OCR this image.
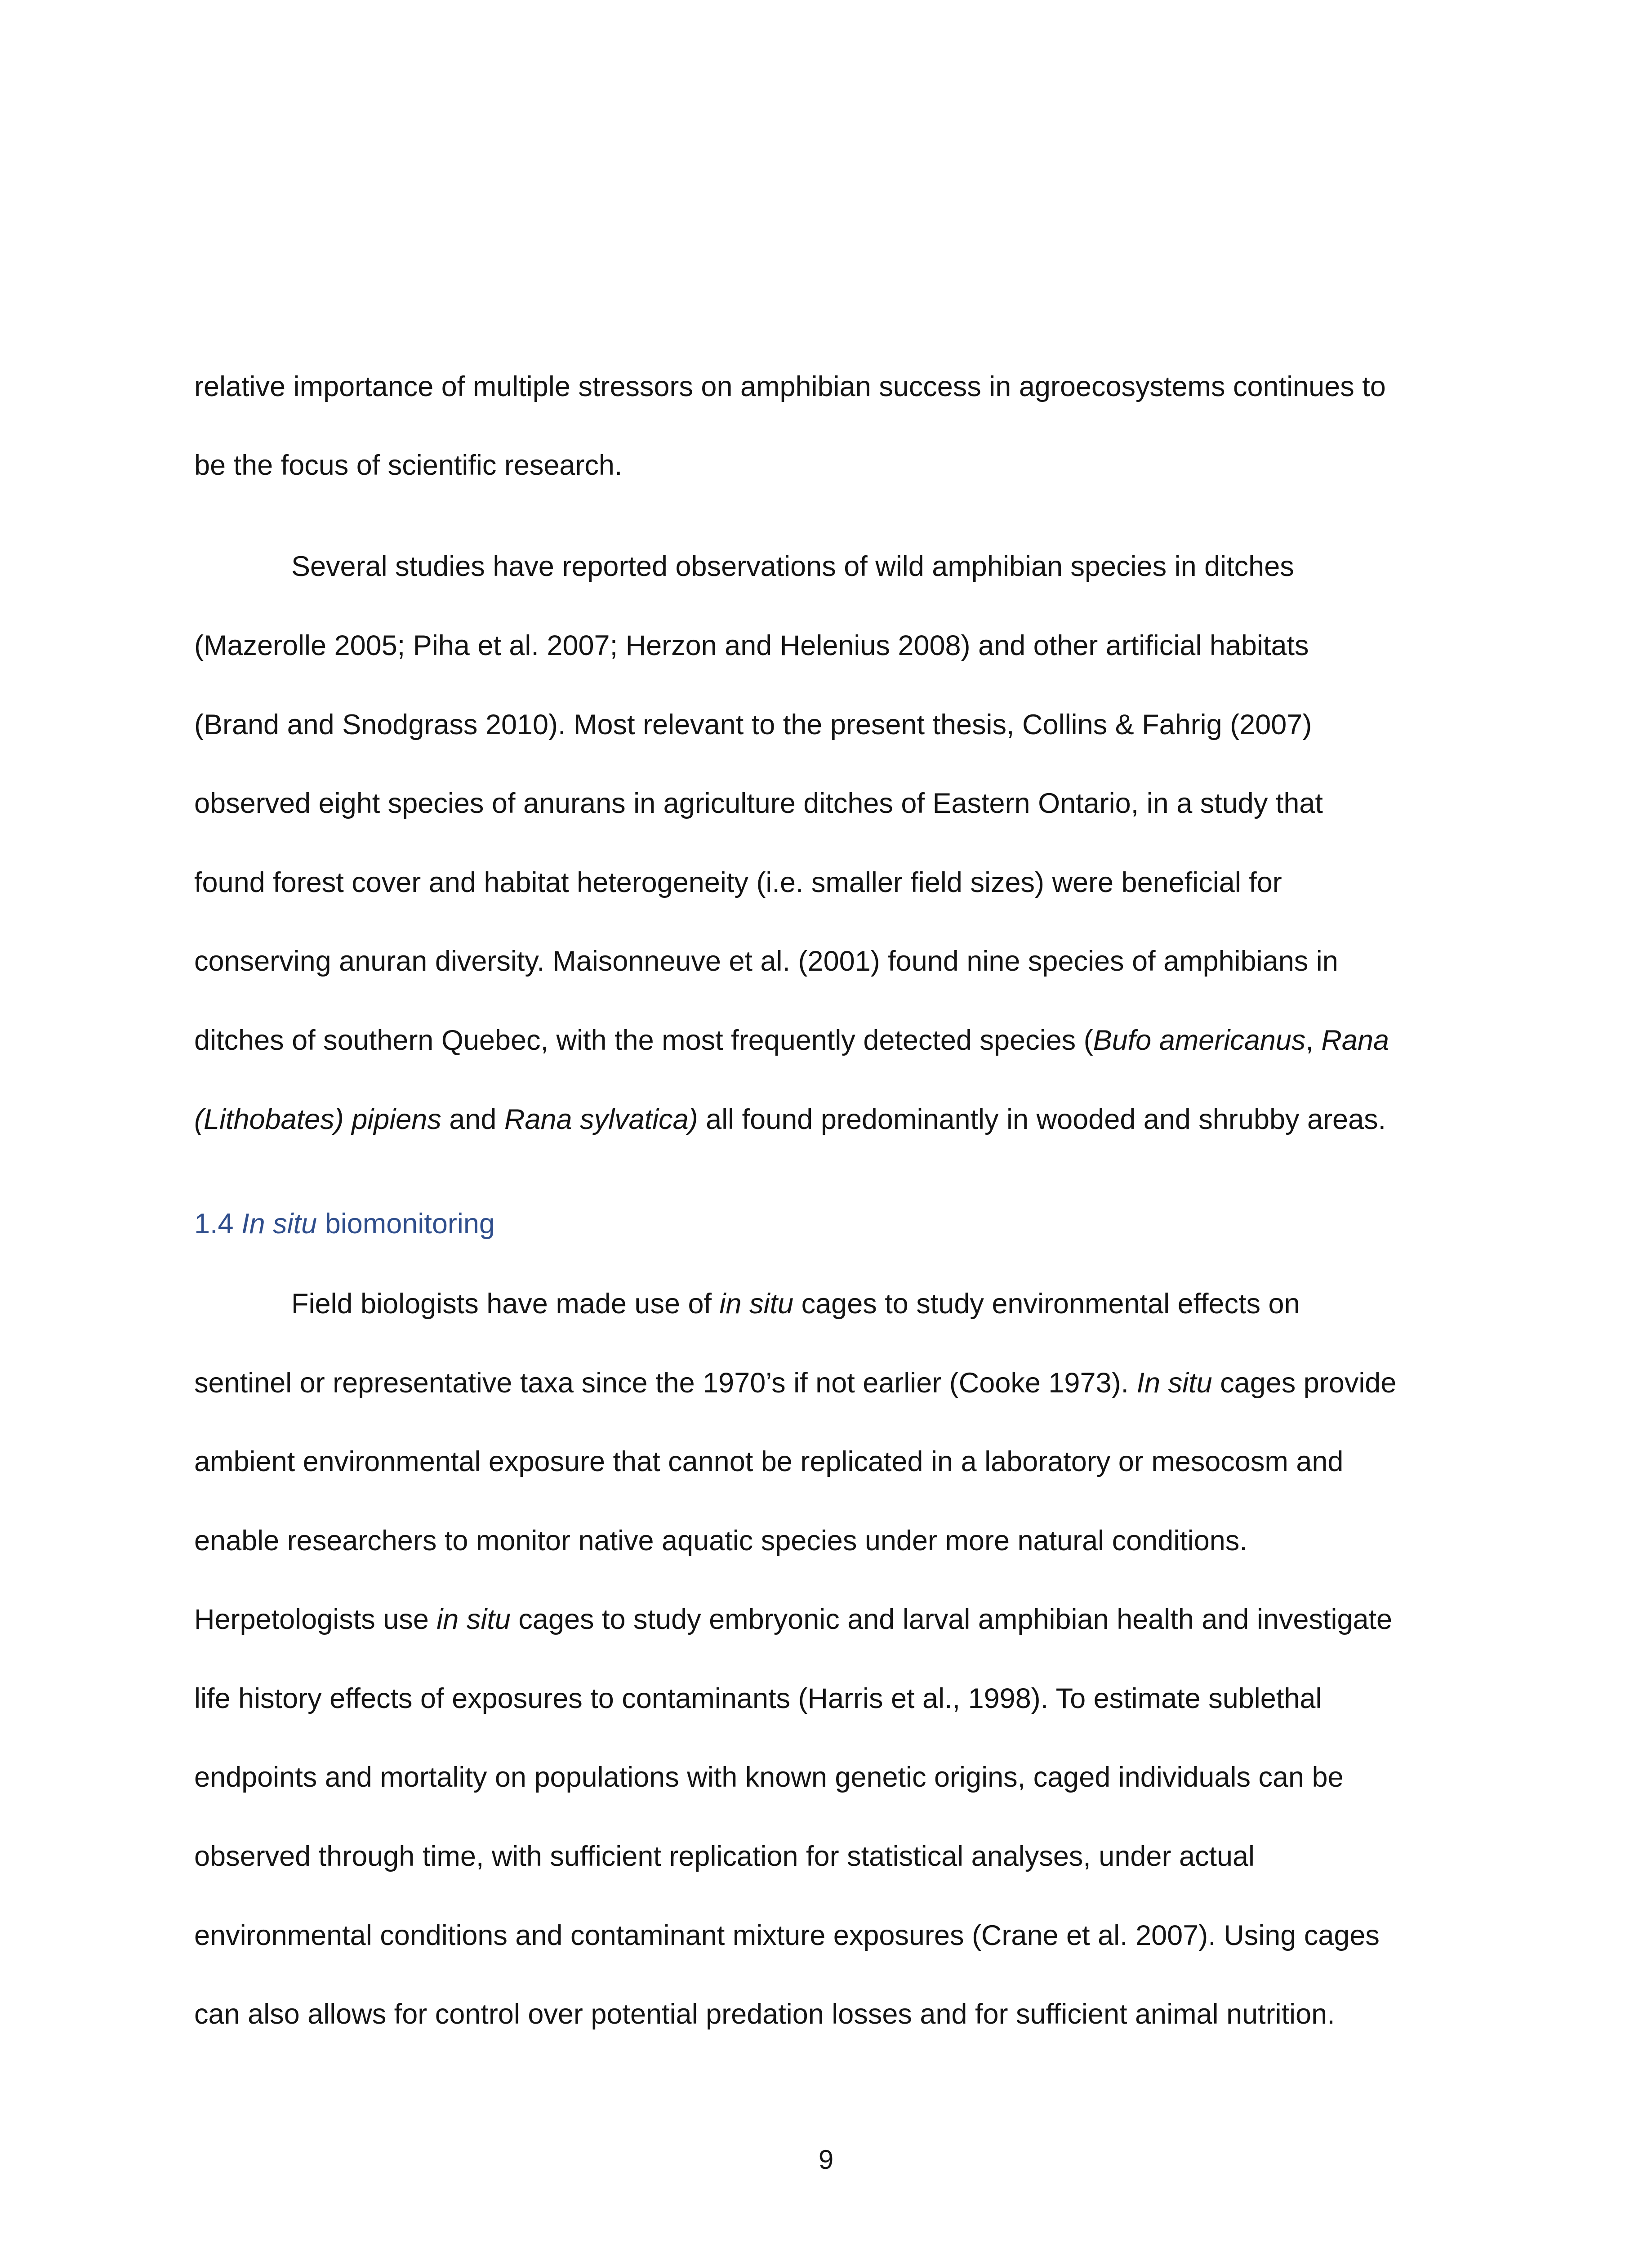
relative importance of multiple stressors on amphibian success in agroecosystems continues to
be the focus of scientific research.
Several studies have reported observations of wild amphibian species in ditches
(Mazerolle 2005; Piha et al. 2007; Herzon and Helenius 2008) and other artificial habitats
(Brand and Snodgrass 2010). Most relevant to the present thesis, Collins & Fahrig (2007)
observed eight species of anurans in agriculture ditches of Eastern Ontario, in a study that
found forest cover and habitat heterogeneity (i.e. smaller field sizes) were beneficial for
conserving anuran diversity. Maisonneuve et al. (2001) found nine species of amphibians in
ditches of southern Quebec, with the most frequently detected species (Bufo americanus, Rana
(Lithobates) pipiens and Rana sylvatica) all found predominantly in wooded and shrubby areas.
1.4 In situ biomonitoring
Field biologists have made use of in situ cages to study environmental effects on
sentinel or representative taxa since the 1970’s if not earlier (Cooke 1973). In situ cages provide
ambient environmental exposure that cannot be replicated in a laboratory or mesocosm and
enable researchers to monitor native aquatic species under more natural conditions.
Herpetologists use in situ cages to study embryonic and larval amphibian health and investigate
life history effects of exposures to contaminants (Harris et al., 1998). To estimate sublethal
endpoints and mortality on populations with known genetic origins, caged individuals can be
observed through time, with sufficient replication for statistical analyses, under actual
environmental conditions and contaminant mixture exposures (Crane et al. 2007). Using cages
can also allows for control over potential predation losses and for sufficient animal nutrition.
9
